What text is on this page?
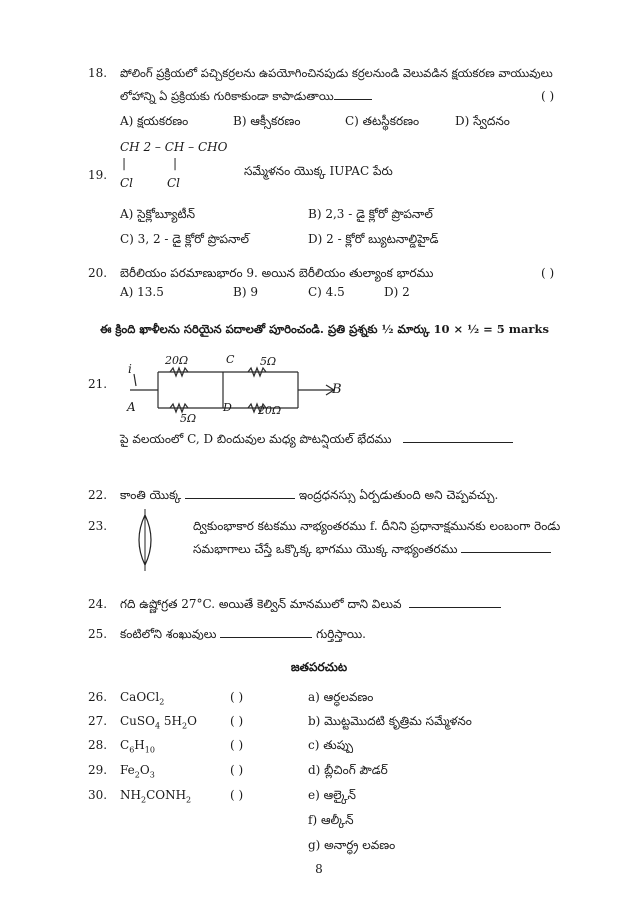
18. పోలింగ్ ప్రక్రియలో పచ్చికర్రలను ఉపయోగించినపుడు కర్రలనుండి వెలువడిన క్షయకరణ వాయువులు
లోహాన్ని ఏ ప్రక్రియకు గురికాకుండా కాపాడుతాయి	( )
A) క్షయకరణం	B) ఆక్సీకరణం	C) తటస్థీకరణం	D) స్వేదనం
CH 2 – CH – CHO
19.
|	|
Cl	Cl
సమ్మేళనం యొక్క IUPAC పేరు
A) సైక్లోబ్యూటీన్	B) 2,3 - డై క్లోరో ప్రొపనాల్
C) 3, 2 - డై క్లోరో ప్రొపనాల్	D) 2 - క్లోరో బ్యుటనాల్డిహైడ్
20. బెరీలియం పరమాణుభారం 9. అయిన బెరీలియం తుల్యాంక భారము	( )
A) 13.5	B) 9	C) 4.5	D) 2
ఈ క్రింది ఖాళీలను సరియైన పదాలతో పూరించండి. ప్రతి ప్రశ్నకు ½ మార్కు 10 × ½ = 5 marks
21.
i
20Ω	C
5Ω
A	D
5Ω
20Ω
B
పై వలయంలో C, D బిందువుల మధ్య పొటన్షియల్ భేదము
22. కాంతి యొక్క	ఇంద్రధనస్సు ఏర్పడుతుంది అని చెప్పవచ్చు.
23.	ద్వికుంభాకార కటకము నాభ్యంతరము f. దీనిని ప్రధానాక్షమునకు లంబంగా రెండు
సమభాగాలు చేస్తే ఒక్కొక్క భాగము యొక్క నాభ్యంతరము
24. గది ఉష్ణోగ్రత 27°C. అయితే కెల్విన్ మానములో దాని విలువ
25. కంటిలోని శంఖువులు	గుర్తిస్తాయి.
జతపరచుట
26. CaOCl$_2$	( )	a) ఆర్ధలవణం
27. CuSO$_4$ $5H_2O$	( )	b) మొట్టమొదటి కృత్రిమ సమ్మేళనం
28. $C_6H_{10}$	( )	c) తుప్పు
29. $Fe_2O_3$	( )	d) బ్లీచింగ్ పౌడర్
30. $NH_2CONH_2$	( )	e) ఆల్కైన్
f) ఆల్కీన్
g) అనార్ధ్ర లవణం
8
